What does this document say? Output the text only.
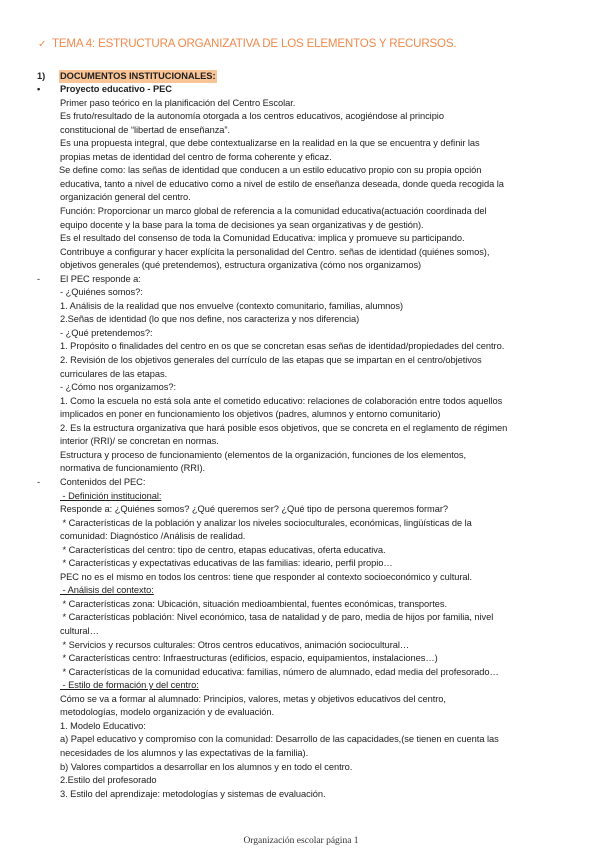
✓ TEMA 4: ESTRUCTURA ORGANIZATIVA DE LOS ELEMENTOS Y RECURSOS.
1) DOCUMENTOS INSTITUCIONALES:
• Proyecto educativo - PEC
Primer paso teórico en la planificación del Centro Escolar.
Es fruto/resultado de la autonomía otorgada a los centros educativos, acogiéndose al principio
constitucional de “libertad de enseñanza”.
Es una propuesta integral, que debe contextualizarse en la realidad en la que se encuentra y definir las
propias metas de identidad del centro de forma coherente y eficaz.
Se define como: las señas de identidad que conducen a un estilo educativo propio con su propia opción
educativa, tanto a nivel de educativo como a nivel de estilo de enseñanza deseada, donde queda recogida la
organización general del centro.
Función: Proporcionar un marco global de referencia a la comunidad educativa(actuación coordinada del
equipo docente y la base para la toma de decisiones ya sean organizativas y de gestión).
Es el resultado del consenso de toda la Comunidad Educativa: implica y promueve su participando.
Contribuye a configurar y hacer explícita la personalidad del Centro. señas de identidad (quiénes somos),
objetivos generales (qué pretendemos), estructura organizativa (cómo nos organizamos)
- El PEC responde a:
- ¿Quiénes somos?:
1. Análisis de la realidad que nos envuelve (contexto comunitario, familias, alumnos)
2.Señas de identidad (lo que nos define, nos caracteriza y nos diferencia)
- ¿Qué pretendemos?:
1. Propósito o finalidades del centro en os que se concretan esas señas de identidad/propiedades del centro.
2. Revisión de los objetivos generales del currículo de las etapas que se impartan en el centro/objetivos
curriculares de las etapas.
- ¿Cómo nos organizamos?:
1. Como la escuela no está sola ante el cometido educativo: relaciones de colaboración entre todos aquellos
implicados en poner en funcionamiento los objetivos (padres, alumnos y entorno comunitario)
2. Es la estructura organizativa que hará posible esos objetivos, que se concreta en el reglamento de régimen
interior (RRI)/ se concretan en normas.
Estructura y proceso de funcionamiento (elementos de la organización, funciones de los elementos,
normativa de funcionamiento (RRI).
- Contenidos del PEC:
- Definición institucional:
Responde a: ¿Quiénes somos? ¿Qué queremos ser? ¿Qué tipo de persona queremos formar?
* Características de la población y analizar los niveles socioculturales, económicas, lingüísticas de la
comunidad: Diagnóstico /Análisis de realidad.
* Características del centro: tipo de centro, etapas educativas, oferta educativa.
* Características y expectativas educativas de las familias: ideario, perfil propio…
PEC no es el mismo en todos los centros: tiene que responder al contexto socioeconómico y cultural.
- Análisis del contexto:
* Características zona: Ubicación, situación medioambiental, fuentes económicas, transportes.
* Características población: Nivel económico, tasa de natalidad y de paro, media de hijos por familia, nivel
cultural…
* Servicios y recursos culturales: Otros centros educativos, animación sociocultural…
* Características centro: Infraestructuras (edificios, espacio, equipamientos, instalaciones…)
* Características de la comunidad educativa: familias, número de alumnado, edad media del profesorado…
- Estilo de formación y del centro:
Cómo se va a formar al alumnado: Principios, valores, metas y objetivos educativos del centro,
metodologías, modelo organización y de evaluación.
1. Modelo Educativo:
a) Papel educativo y compromiso con la comunidad: Desarrollo de las capacidades,(se tienen en cuenta las
necesidades de los alumnos y las expectativas de la familia).
b) Valores compartidos a desarrollar en los alumnos y en todo el centro.
2.Estilo del profesorado
3. Estilo del aprendizaje: metodologías y sistemas de evaluación.
Organización escolar página 1
